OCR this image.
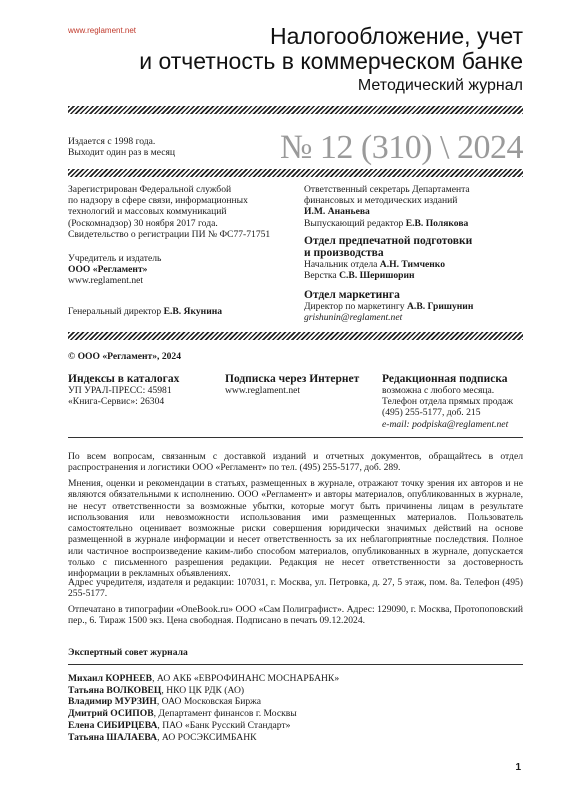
www.reglament.net	Налогообложение, учет
и отчетность в коммерческом банке
Методический журнал
Издается с 1998 года.
Выходит один раз в месяц	№ 12 (310) \ 2024
Зарегистрирован Федеральной службой
по надзору в сфере связи, информационных
технологий и массовых коммуникаций
(Роскомнадзор) 30 ноября 2017 года.
Свидетельство о регистрации ПИ № ФС77-71751
Учредитель и издатель
ООО «Регламент»
www.reglament.net
Генеральный директор Е.В. Якунина
Ответственный секретарь Департамента
финансовых и методических изданий
И.М. Ананьева
Выпускающий редактор Е.В. Полякова
Отдел предпечатной подготовки
и производства
Начальник отдела А.Н. Тимченко
Верстка С.В. Шеришорин
Отдел маркетинга
Директор по маркетингу А.В. Гришунин
grishunin@reglament.net
© ООО «Регламент», 2024
Индексы в каталогах
УП УРАЛ-ПРЕСС: 45981
«Книга-Сервис»: 26304
Подписка через Интернет
www.reglament.net
Редакционная подписка
возможна с любого месяца.
Телефон отдела прямых продаж
(495) 255-5177, доб. 215
e-mail: podpiska@reglament.net

По всем вопросам, связанным с доставкой изданий и отчетных документов, обращайтесь в отдел распространения и логистики ООО «Регламент» по тел. (495) 255-5177, доб. 289.

Мнения, оценки и рекомендации в статьях, размещенных в журнале, отражают точку зрения их авторов и не являются обязательными к исполнению. ООО «Регламент» и авторы материалов, опубликованных в журнале, не несут ответственности за возможные убытки, которые могут быть причинены лицам в результате использования или невозможности использования ими размещенных материалов. Пользователь самостоятельно оценивает возможные риски совершения юридически значимых действий на основе размещенной в журнале информации и несет ответственность за их неблагоприятные последствия. Полное или частичное воспроизведение каким-либо способом материалов, опубликованных в журнале, допускается только с письменного разрешения редакции. Редакция не несет ответственности за достоверность информации в рекламных объявлениях.

Адрес учредителя, издателя и редакции: 107031, г. Москва, ул. Петровка, д. 27, 5 этаж, пом. 8а. Телефон (495) 255-5177.

Отпечатано в типографии «OneBook.ru» ООО «Сам Полиграфист». Адрес: 129090, г. Москва, Протопоповский пер., 6. Тираж 1500 экз. Цена свободная. Подписано в печать 09.12.2024.

Экспертный совет журнала
Михаил КОРНЕЕВ, АО АКБ «ЕВРОФИНАНС МОСНАРБАНК»
Татьяна ВОЛКОВЕЦ, НКО ЦК РДК (АО)
Владимир МУРЗИН, ОАО Московская Биржа
Дмитрий ОСИПОВ, Департамент финансов г. Москвы
Елена СИБИРЦЕВА, ПАО «Банк Русский Стандарт»
Татьяна ШАЛАЕВА, АО РОСЭКСИМБАНК
1
